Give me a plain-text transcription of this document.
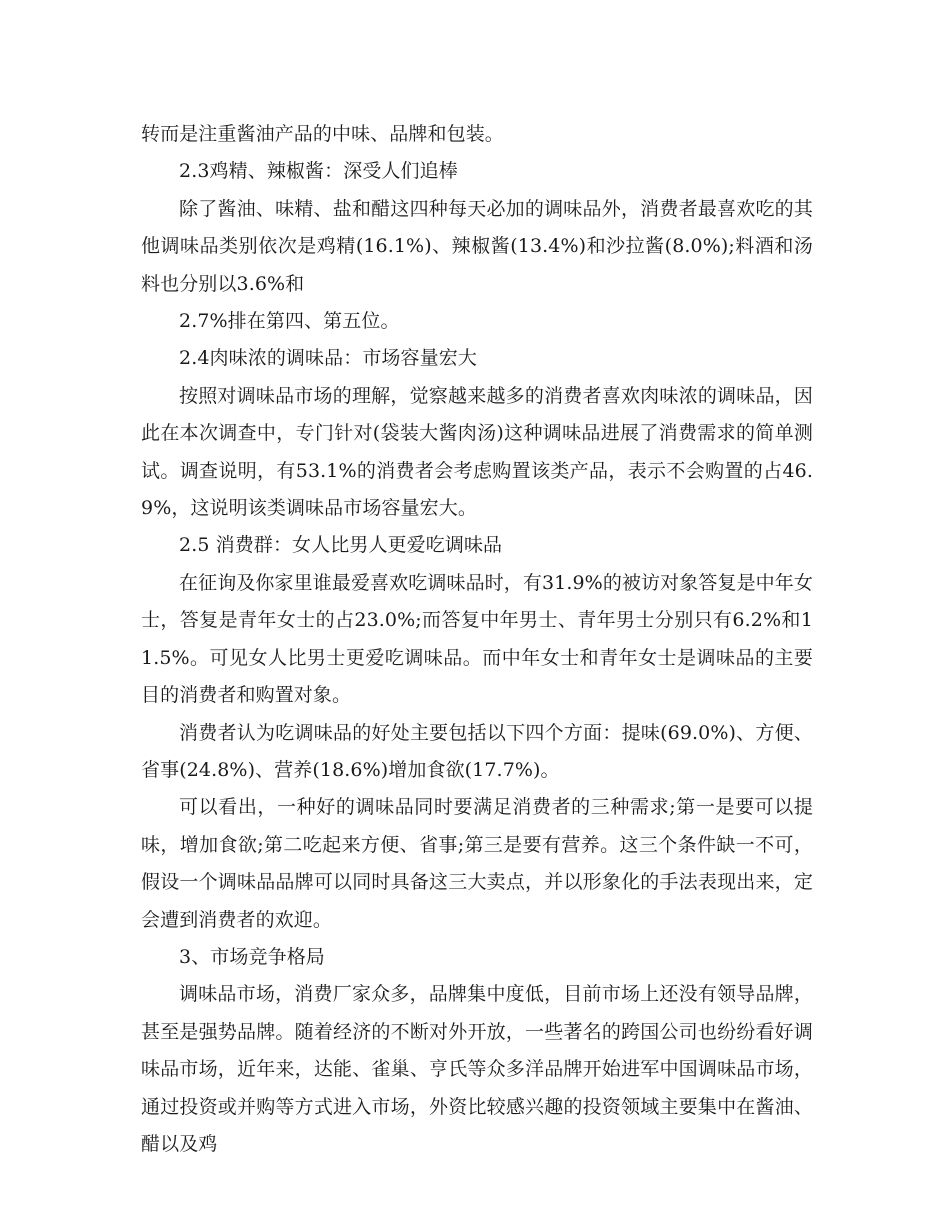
转而是注重酱油产品的中味、品牌和包装。

2.3鸡精、辣椒酱：深受人们追棒

除了酱油、味精、盐和醋这四种每天必加的调味品外，消费者最喜欢吃的其他调味品类别依次是鸡精(16.1%)、辣椒酱(13.4%)和沙拉酱(8.0%);料酒和汤料也分别以3.6%和

2.7%排在第四、第五位。

2.4肉味浓的调味品：市场容量宏大

按照对调味品市场的理解，觉察越来越多的消费者喜欢肉味浓的调味品，因此在本次调查中，专门针对(袋装大酱肉汤)这种调味品进展了消费需求的简单测试。调查说明，有53.1%的消费者会考虑购置该类产品，表示不会购置的占46.9%，这说明该类调味品市场容量宏大。

2.5 消费群：女人比男人更爱吃调味品

在征询及你家里谁最爱喜欢吃调味品时，有31.9%的被访对象答复是中年女士，答复是青年女士的占23.0%;而答复中年男士、青年男士分别只有6.2%和11.5%。可见女人比男士更爱吃调味品。而中年女士和青年女士是调味品的主要目的消费者和购置对象。

消费者认为吃调味品的好处主要包括以下四个方面：提味(69.0%)、方便、省事(24.8%)、营养(18.6%)增加食欲(17.7%)。

可以看出，一种好的调味品同时要满足消费者的三种需求;第一是要可以提味，增加食欲;第二吃起来方便、省事;第三是要有营养。这三个条件缺一不可，假设一个调味品品牌可以同时具备这三大卖点，并以形象化的手法表现出来，定会遭到消费者的欢迎。

3、市场竞争格局

调味品市场，消费厂家众多，品牌集中度低，目前市场上还没有领导品牌，甚至是强势品牌。随着经济的不断对外开放，一些著名的跨国公司也纷纷看好调味品市场，近年来，达能、雀巢、亨氏等众多洋品牌开始进军中国调味品市场，通过投资或并购等方式进入市场，外资比较感兴趣的投资领域主要集中在酱油、醋以及鸡
